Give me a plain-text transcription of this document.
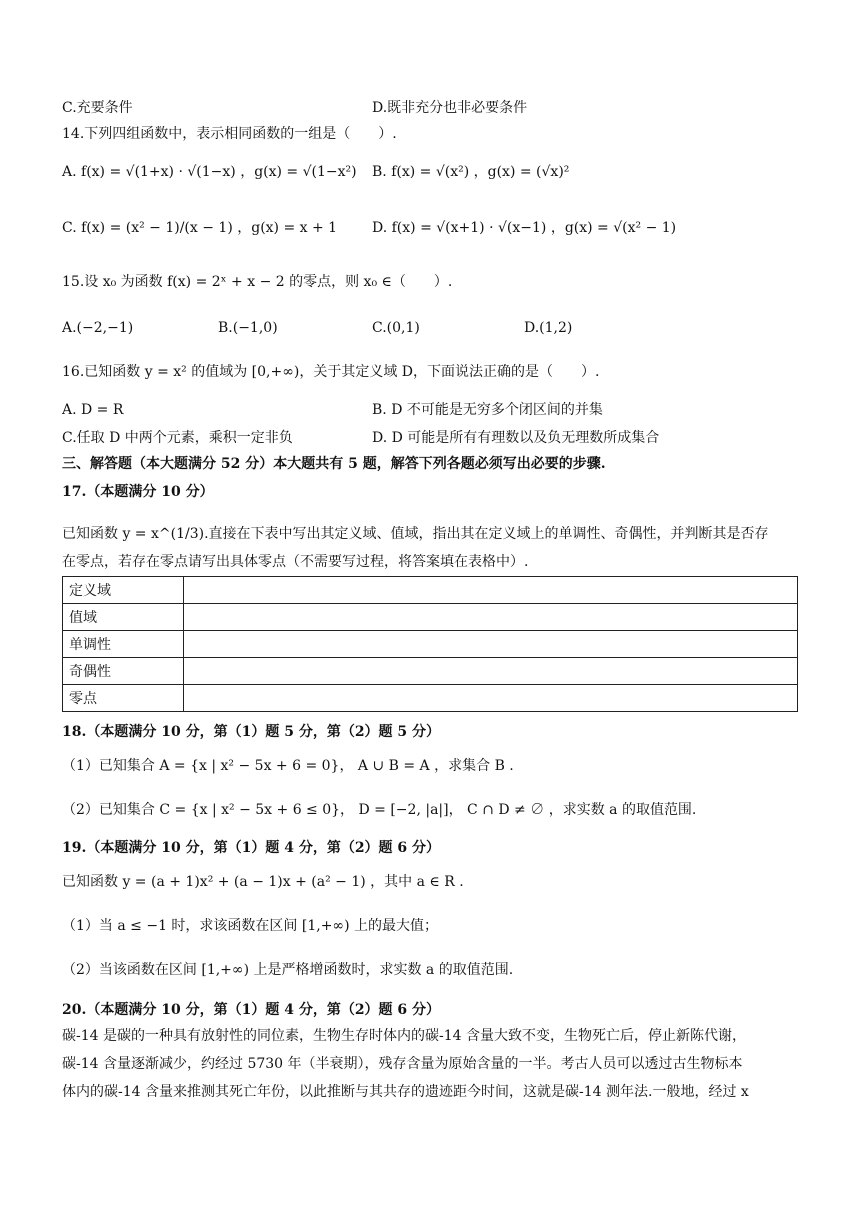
C.充要条件	D.既非充分也非必要条件
14.下列四组函数中，表示相同函数的一组是（　　）.
A. f(x) = √(1+x) · √(1−x) ，g(x) = √(1−x²) B. f(x) = √(x²) ，g(x) = (√x)²
C. f(x) = (x² − 1)/(x − 1) ，g(x) = x + 1 D. f(x) = √(x+1) · √(x−1) ，g(x) = √(x² − 1)
15.设 x₀ 为函数 f(x) = 2ˣ + x − 2 的零点，则 x₀ ∈（　　）.
A.(−2,−1)	B.(−1,0)	C.(0,1)	D.(1,2)
16.已知函数 y = x² 的值域为 [0,+∞)，关于其定义域 D，下面说法正确的是（　　）.
A. D = R	B. D 不可能是无穷多个闭区间的并集
C.任取 D 中两个元素，乘积一定非负	D. D 可能是所有有理数以及负无理数所成集合
三、解答题（本大题满分 52 分）本大题共有 5 题，解答下列各题必须写出必要的步骤.
17.（本题满分 10 分）
已知函数 y = x^(1/3).直接在下表中写出其定义域、值域，指出其在定义域上的单调性、奇偶性，并判断其是否存
在零点，若存在零点请写出具体零点（不需要写过程，将答案填在表格中）.
定义域	
值域	
单调性	
奇偶性	
零点	
18.（本题满分 10 分，第（1）题 5 分，第（2）题 5 分）
（1）已知集合 A = {x | x² − 5x + 6 = 0}， A ∪ B = A ，求集合 B .
（2）已知集合 C = {x | x² − 5x + 6 ≤ 0}， D = [−2, |a|]， C ∩ D ≠ ∅ ，求实数 a 的取值范围.
19.（本题满分 10 分，第（1）题 4 分，第（2）题 6 分）
已知函数 y = (a + 1)x² + (a − 1)x + (a² − 1) ，其中 a ∈ R .
（1）当 a ≤ −1 时，求该函数在区间 [1,+∞) 上的最大值；
（2）当该函数在区间 [1,+∞) 上是严格增函数时，求实数 a 的取值范围.
20.（本题满分 10 分，第（1）题 4 分，第（2）题 6 分）
碳-14 是碳的一种具有放射性的同位素，生物生存时体内的碳-14 含量大致不变，生物死亡后，停止新陈代谢，
碳-14 含量逐渐减少，约经过 5730 年（半衰期），残存含量为原始含量的一半。考古人员可以透过古生物标本
体内的碳-14 含量来推测其死亡年份，以此推断与其共存的遗迹距今时间，这就是碳-14 测年法.一般地，经过 x
